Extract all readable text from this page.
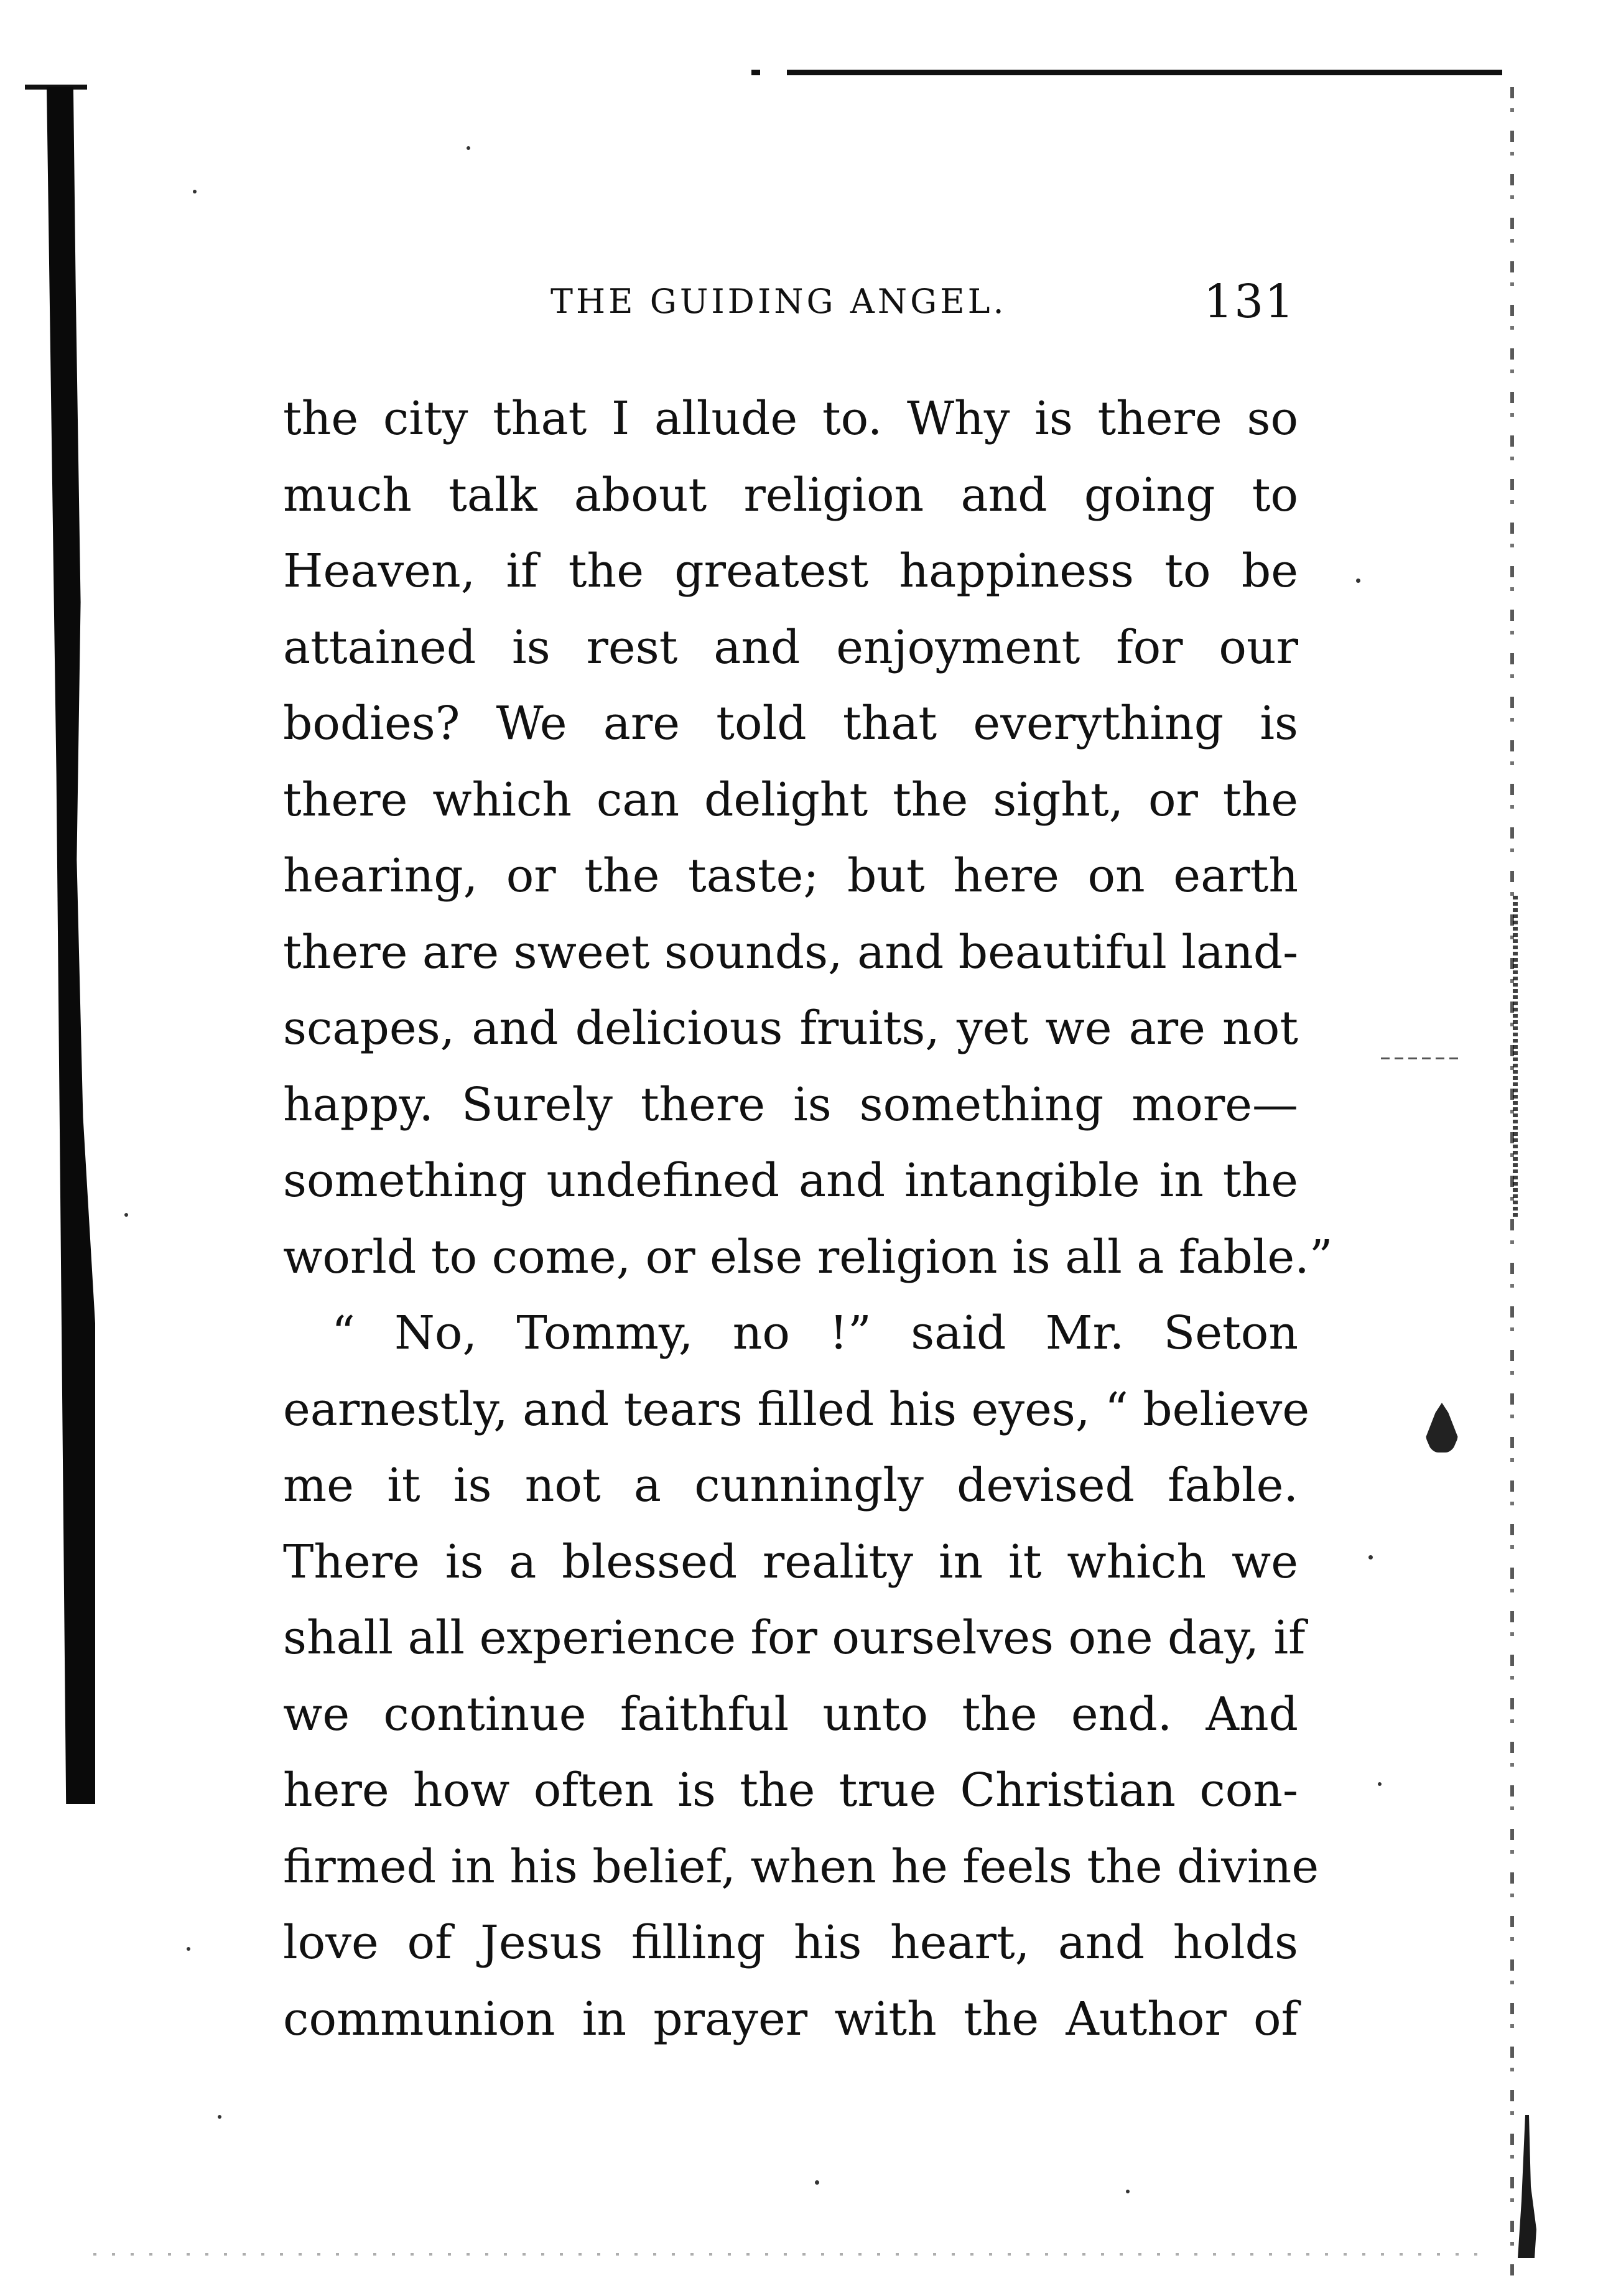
THE GUIDING ANGEL.	131
the city that I allude to. Why is there so
much talk about religion and going to
Heaven, if the greatest happiness to be
attained is rest and enjoyment for our
bodies? We are told that everything is
there which can delight the sight, or the
hearing, or the taste; but here on earth
there are sweet sounds, and beautiful land-
scapes, and delicious fruits, yet we are not
happy. Surely there is something more—
something undefined and intangible in the
world to come, or else religion is all a fable.”
“ No, Tommy, no !” said Mr. Seton
earnestly, and tears filled his eyes, “ believe
me it is not a cunningly devised fable.
There is a blessed reality in it which we
shall all experience for ourselves one day, if
we continue faithful unto the end. And
here how often is the true Christian con-
firmed in his belief, when he feels the divine
love of Jesus filling his heart, and holds
communion in prayer with the Author of
